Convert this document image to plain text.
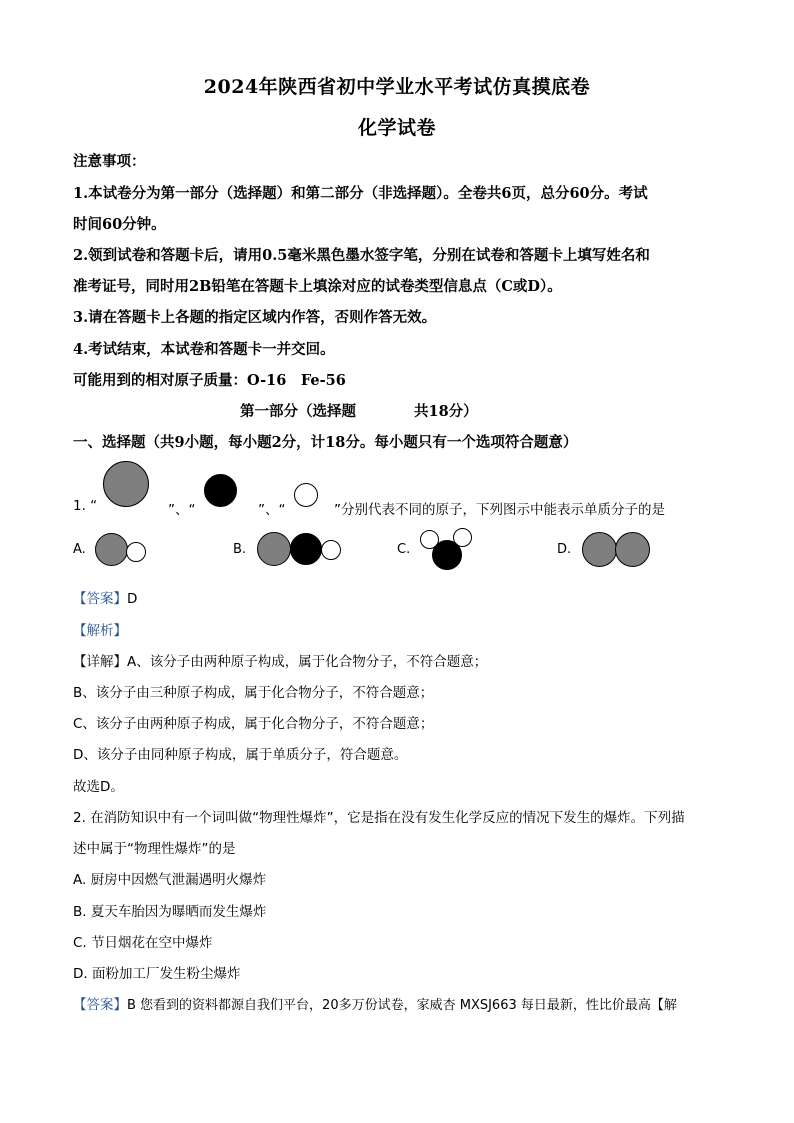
2024年陕西省初中学业水平考试仿真摸底卷
化学试卷
注意事项：
1.本试卷分为第一部分（选择题）和第二部分（非选择题）。全卷共6页，总分60分。考试
时间60分钟。
2.领到试卷和答题卡后，请用0.5毫米黑色墨水签字笔，分别在试卷和答题卡上填写姓名和
准考证号，同时用2B铅笔在答题卡上填涂对应的试卷类型信息点（C或D）。
3.请在答题卡上各题的指定区域内作答，否则作答无效。
4.考试结束，本试卷和答题卡一并交回。
可能用到的相对原子质量：O-16　Fe-56
第一部分（选择题　　　　共18分）
一、选择题（共9小题，每小题2分，计18分。每小题只有一个选项符合题意）
1. “	”、“	”、“	”分别代表不同的原子，下列图示中能表示单质分子的是
A.	B.	C.	D.
【答案】D
【解析】
【详解】A、该分子由两种原子构成，属于化合物分子，不符合题意；
B、该分子由三种原子构成，属于化合物分子，不符合题意；
C、该分子由两种原子构成，属于化合物分子，不符合题意；
D、该分子由同种原子构成，属于单质分子，符合题意。
故选D。
2. 在消防知识中有一个词叫做“物理性爆炸”，它是指在没有发生化学反应的情况下发生的爆炸。下列描
述中属于“物理性爆炸”的是
A. 厨房中因燃气泄漏遇明火爆炸
B. 夏天车胎因为曝晒而发生爆炸
C. 节日烟花在空中爆炸
D. 面粉加工厂发生粉尘爆炸
【答案】B 您看到的资料都源自我们平台，20多万份试卷，家威杏 MXSJ663 每日最新，性比价最高【解
